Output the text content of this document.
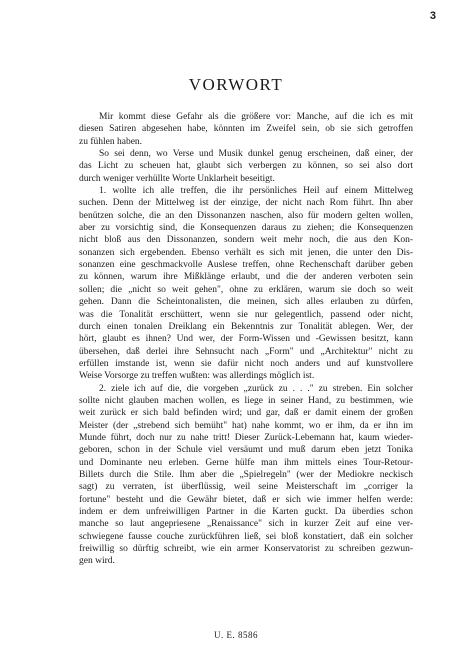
3
VORWORT
Mir kommt diese Gefahr als die größere vor: Manche, auf die ich es mit
diesen Satiren abgesehen habe, könnten im Zweifel sein, ob sie sich getroffen
zu fühlen haben.
So sei denn, wo Verse und Musik dunkel genug erscheinen, daß einer, der
das Licht zu scheuen hat, glaubt sich verbergen zu können, so sei also dort
durch weniger verhüllte Worte Unklarheit beseitigt.
1. wollte ich alle treffen, die ihr persönliches Heil auf einem Mittelweg
suchen. Denn der Mittelweg ist der einzige, der nicht nach Rom führt. Ihn aber
benützen solche, die an den Dissonanzen naschen, also für modern gelten wollen,
aber zu vorsichtig sind, die Konsequenzen daraus zu ziehen; die Konsequenzen
nicht bloß aus den Dissonanzen, sondern weit mehr noch, die aus den Kon-
sonanzen sich ergebenden. Ebenso verhält es sich mit jenen, die unter den Dis-
sonanzen eine geschmackvolle Auslese treffen, ohne Rechenschaft darüber geben
zu können, warum ihre Mißklänge erlaubt, und die der anderen verboten sein
sollen; die „nicht so weit gehen", ohne zu erklären, warum sie doch so weit
gehen. Dann die Scheintonalisten, die meinen, sich alles erlauben zu dürfen,
was die Tonalität erschüttert, wenn sie nur gelegentlich, passend oder nicht,
durch einen tonalen Dreiklang ein Bekenntnis zur Tonalität ablegen. Wer, der
hört, glaubt es ihnen? Und wer, der Form-Wissen und -Gewissen besitzt, kann
übersehen, daß derlei ihre Sehnsucht nach „Form" und „Architektur" nicht zu
erfüllen imstande ist, wenn sie dafür nicht noch anders und auf kunstvollere
Weise Vorsorge zu treffen wußten: was allerdings möglich ist.
2. ziele ich auf die, die vorgeben „zurück zu . . ." zu streben. Ein solcher
sollte nicht glauben machen wollen, es liege in seiner Hand, zu bestimmen, wie
weit zurück er sich bald befinden wird; und gar, daß er damit einem der großen
Meister (der „strebend sich bemüht" hat) nahe kommt, wo er ihm, da er ihn im
Munde führt, doch nur zu nahe tritt! Dieser Zurück-Lebemann hat, kaum wieder-
geboren, schon in der Schule viel versäumt und muß darum eben jetzt Tonika
und Dominante neu erleben. Gerne hülfe man ihm mittels eines Tour-Retour-
Billets durch die Stile. Ihm aber die „Spielregeln" (wer der Mediokre neckisch
sagt) zu verraten, ist überflüssig, weil seine Meisterschaft im „corriger la
fortune" besteht und die Gewähr bietet, daß er sich wie immer helfen werde:
indem er dem unfreiwilligen Partner in die Karten guckt. Da überdies schon
manche so laut angepriesene „Renaissance" sich in kurzer Zeit auf eine ver-
schwiegene fausse couche zurückführen ließ, sei bloß konstatiert, daß ein solcher
freiwillig so dürftig schreibt, wie ein armer Konservatorist zu schreiben gezwun-
gen wird.
U. E. 8586
